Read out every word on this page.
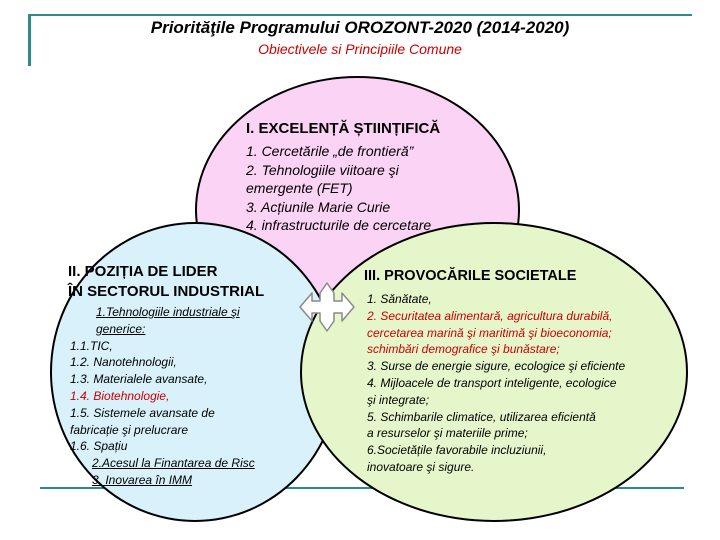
Priorităţile Programului OROZONT-2020 (2014-2020)
Obiectivele si Principiile Comune
I. EXCELENȚĂ ȘTIINȚIFICĂ
1. Cercetările „de frontieră”
2. Tehnologiile viitoare şi
emergente (FET)
3. Acțiunile Marie Curie
4. infrastructurile de cercetare
II. POZIȚIA DE LIDER
ÎN SECTORUL INDUSTRIAL
1.Tehnologiile industriale şi
generice:
1.1.TIC,
1.2. Nanotehnologii,
1.3. Materialele avansate,
1.4. Biotehnologie,
1.5. Sistemele avansate de
fabricație şi prelucrare
1.6. Spațiu
2.Acesul la Finantarea de Risc
3. Inovarea în IMM
III. PROVOCĂRILE SOCIETALE
1. Sănătate,
2. Securitatea alimentară, agricultura durabilă,
cercetarea marină şi maritimă şi bioeconomia;
schimbări demografice şi bunăstare;
3. Surse de energie sigure, ecologice şi eficiente
4. Mijloacele de transport inteligente, ecologice
şi integrate;
5. Schimbarile climatice, utilizarea eficientă
a resurselor şi materiile prime;
6.Societățile favorabile incluziunii,
inovatoare şi sigure.
